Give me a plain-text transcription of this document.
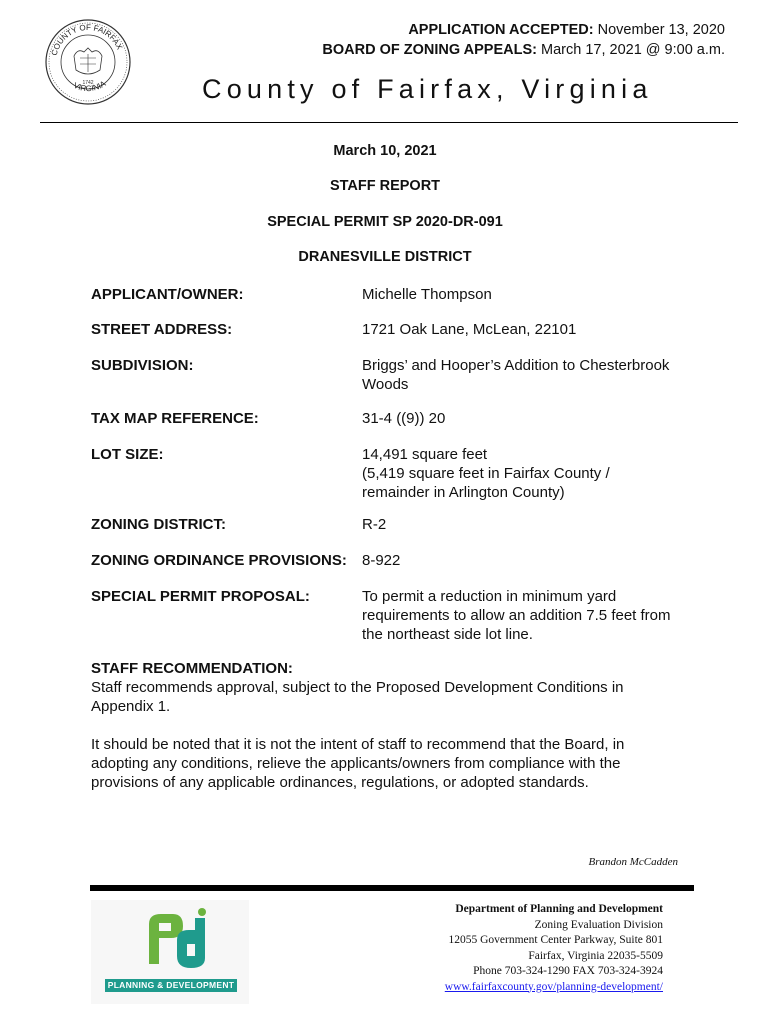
COUNTY OF FAIRFAX
VIRGINIA
1742
APPLICATION ACCEPTED: November 13, 2020
BOARD OF ZONING APPEALS: March 17, 2021 @ 9:00 a.m.
County of Fairfax, Virginia
March 10, 2021
STAFF REPORT
SPECIAL PERMIT SP 2020-DR-091
DRANESVILLE DISTRICT
APPLICANT/OWNER:	Michelle Thompson
STREET ADDRESS:	1721 Oak Lane, McLean, 22101
SUBDIVISION:	Briggs’ and Hooper’s Addition to Chesterbrook
Woods
TAX MAP REFERENCE:	31-4 ((9)) 20
LOT SIZE:	14,491 square feet
(5,419 square feet in Fairfax County /
remainder in Arlington County)
ZONING DISTRICT:	R-2
ZONING ORDINANCE PROVISIONS: 8-922
SPECIAL PERMIT PROPOSAL:	To permit a reduction in minimum yard
requirements to allow an addition 7.5 feet from
the northeast side lot line.
STAFF RECOMMENDATION:
Staff recommends approval, subject to the Proposed Development Conditions in Appendix 1.
It should be noted that it is not the intent of staff to recommend that the Board, in adopting any conditions, relieve the applicants/owners from compliance with the provisions of any applicable ordinances, regulations, or adopted standards.
Brandon McCadden
PLANNING & DEVELOPMENT
Department of Planning and Development
Zoning Evaluation Division
12055 Government Center Parkway, Suite 801
Fairfax, Virginia 22035-5509
Phone 703-324-1290 FAX 703-324-3924
www.fairfaxcounty.gov/planning-development/
